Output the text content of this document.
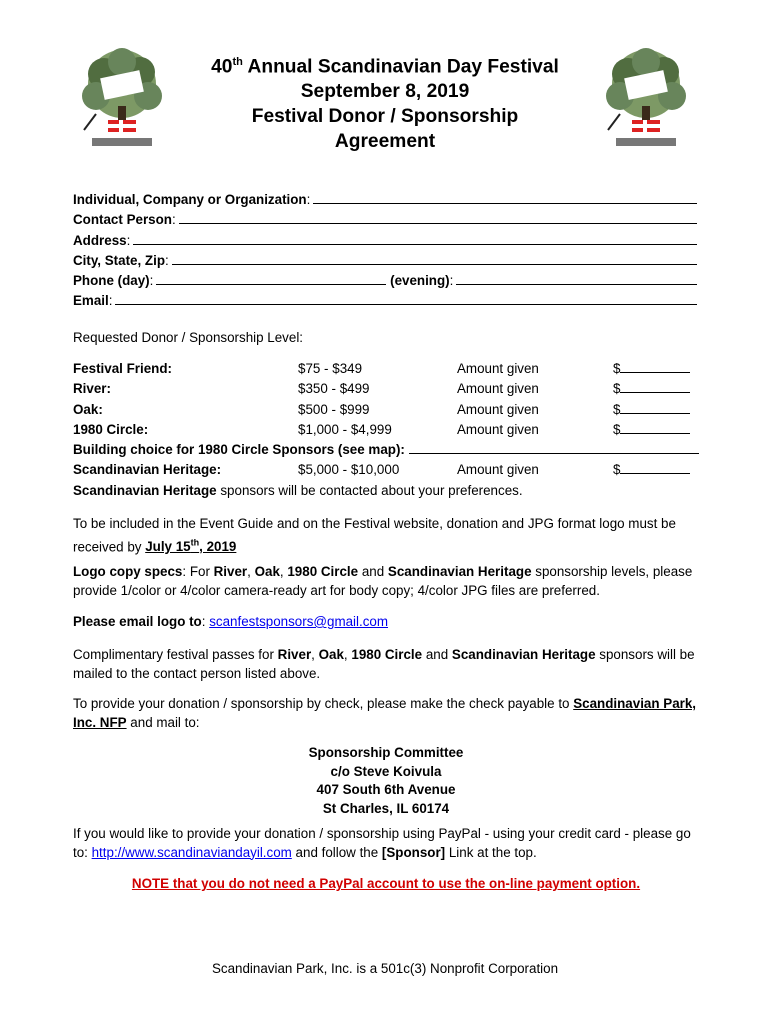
40th Annual Scandinavian Day Festival
September 8, 2019
Festival Donor / Sponsorship
Agreement
Individual, Company or Organization :
Contact Person :
Address :
City, State, Zip :
Phone (day) :
	(evening) :
Email :
Requested Donor / Sponsorship Level:
Festival Friend:	$75 - $349	Amount given	$
River:	$350 - $499	Amount given	$
Oak:	$500 - $999	Amount given	$
1980 Circle:	$1,000 - $4,999	Amount given	$
Building choice for 1980 Circle Sponsors (see map):
Scandinavian Heritage:	$5,000 - $10,000	Amount given	$
Scandinavian Heritage sponsors will be contacted about your preferences.
To be included in the Event Guide and on the Festival website, donation and JPG format logo must be received by July 15th, 2019
Logo copy specs: For River, Oak, 1980 Circle and Scandinavian Heritage sponsorship levels, please provide 1/color or 4/color camera-ready art for body copy; 4/color JPG files are preferred.
Please email logo to: scanfestsponsors@gmail.com
Complimentary festival passes for River, Oak, 1980 Circle and Scandinavian Heritage sponsors will be mailed to the contact person listed above.
To provide your donation / sponsorship by check, please make the check payable to Scandinavian Park, Inc. NFP and mail to:
Sponsorship Committee
c/o Steve Koivula
407 South 6th Avenue
St Charles, IL 60174
If you would like to provide your donation / sponsorship using PayPal - using your credit card - please go to: http://www.scandinaviandayil.com and follow the [Sponsor] Link at the top.
NOTE that you do not need a PayPal account to use the on-line payment option.
Scandinavian Park, Inc. is a 501c(3) Nonprofit Corporation
